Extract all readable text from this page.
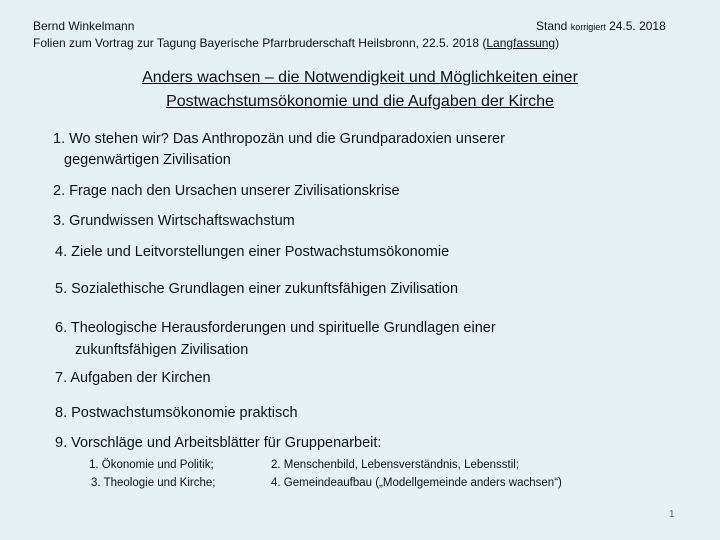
Bernd Winkelmann
Folien zum Vortrag zur Tagung Bayerische Pfarrbruderschaft Heilsbronn, 22.5. 2018 (Langfassung)
Stand korrigiert 24.5. 2018
Anders wachsen – die Notwendigkeit und Möglichkeiten einer
Postwachstumsökonomie und die Aufgaben der Kirche
1. Wo stehen wir? Das Anthropozän und die Grundparadoxien unserer
gegenwärtigen Zivilisation
2. Frage nach den Ursachen unserer Zivilisationskrise
3. Grundwissen Wirtschaftswachstum
4. Ziele und Leitvorstellungen einer Postwachstumsökonomie
5. Sozialethische Grundlagen einer zukunftsfähigen Zivilisation
6. Theologische Herausforderungen und spirituelle Grundlagen einer
zukunftsfähigen Zivilisation
7. Aufgaben der Kirchen
8. Postwachstumsökonomie praktisch
9. Vorschläge und Arbeitsblätter für Gruppenarbeit:
1. Ökonomie und Politik;	2. Menschenbild, Lebensverständnis, Lebensstil;
3. Theologie und Kirche;	4. Gemeindeaufbau („Modellgemeinde anders wachsen“)
1
